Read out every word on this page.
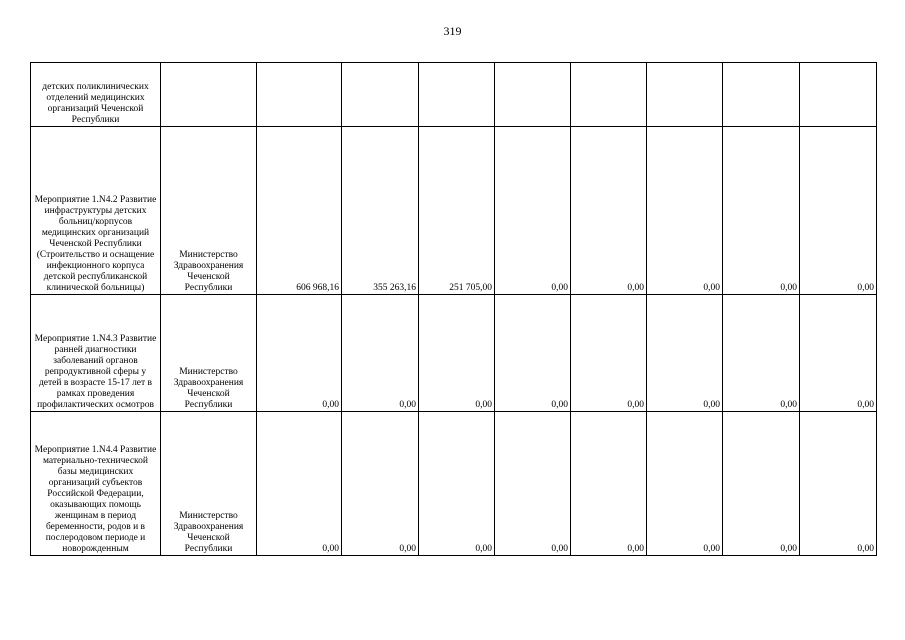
319
детских поликлинических отделений медицинских организаций Чеченской Республики									
Мероприятие 1.N4.2 Развитие инфраструктуры детских больниц/корпусов медицинских организаций Чеченской Республики (Строительство и оснащение инфекционного корпуса детской республиканской клинической больницы)	Министерство Здравоохранения Чеченской Республики	606 968,16	355 263,16	251 705,00	0,00	0,00	0,00	0,00	0,00
Мероприятие 1.N4.3 Развитие ранней диагностики заболеваний органов репродуктивной сферы у детей в возрасте 15-17 лет в рамках проведения профилактических осмотров	Министерство Здравоохранения Чеченской Республики	0,00	0,00	0,00	0,00	0,00	0,00	0,00	0,00
Мероприятие 1.N4.4 Развитие материально-технической базы медицинских организаций субъектов Российской Федерации, оказывающих помощь женщинам в период беременности, родов и в послеродовом периоде и новорожденным	Министерство Здравоохранения Чеченской Республики	0,00	0,00	0,00	0,00	0,00	0,00	0,00	0,00
